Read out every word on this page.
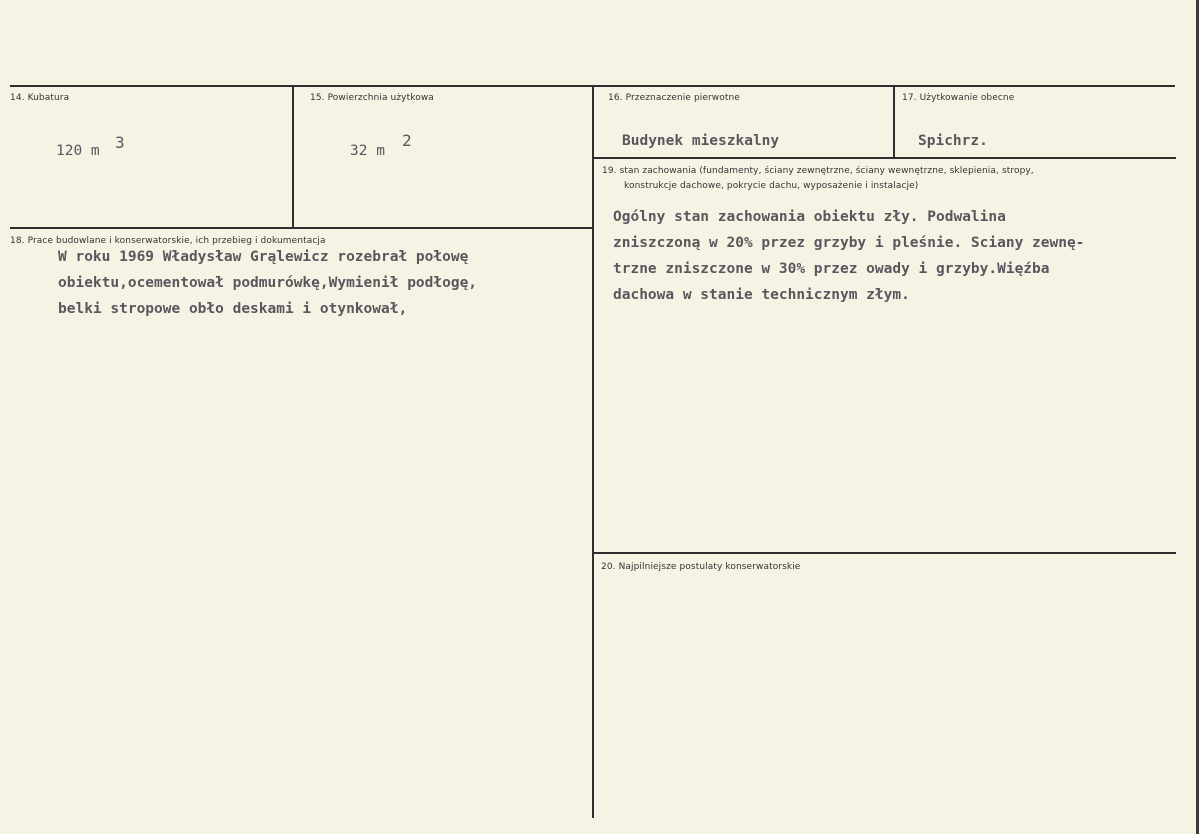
14. Kubatura
120 m 3
15. Powierzchnia użytkowa
32 m
2
16. Przeznaczenie pierwotne
Budynek mieszkalny
17. Użytkowanie obecne
Spichrz.
18. Prace budowlane i konserwatorskie, ich przebieg i dokumentacja
W roku 1969 Władysław Grąlewicz rozebrał połowę
obiektu,ocementował podmurówkę,Wymienił podłogę,
belki stropowe obło deskami i otynkował,
19. stan zachowania (fundamenty, ściany zewnętrzne, ściany wewnętrzne, sklepienia, stropy,
konstrukcje dachowe, pokrycie dachu, wyposażenie i instalacje)
Ogólny stan zachowania obiektu zły. Podwalina
zniszczoną w 20% przez grzyby i pleśnie. Sciany zewnę-
trzne zniszczone w 30% przez owady i grzyby.Więźba
dachowa w stanie technicznym złym.
20. Najpilniejsze postulaty konserwatorskie
